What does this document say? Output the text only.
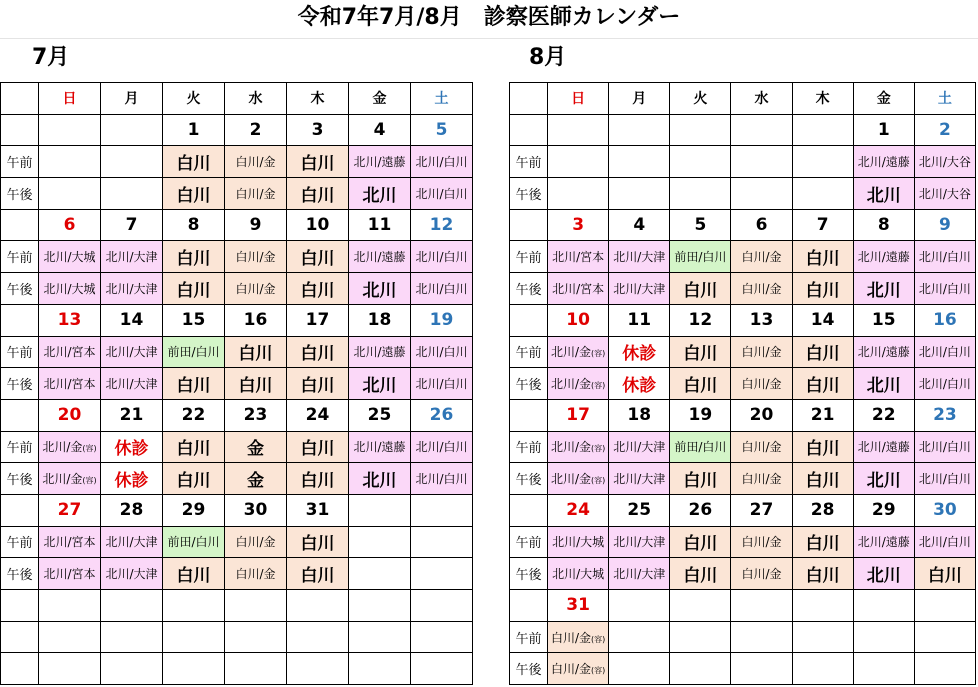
令和7年7月/8月　診察医師カレンダー
7月	8月
	日	月	火	水	木	金	土
			1	2	3	4	5
午前			白川	白川/金	白川	北川/遠藤	北川/白川
午後			白川	白川/金	白川	北川	北川/白川
	6	7	8	9	10	11	12
午前	北川/大城	北川/大津	白川	白川/金	白川	北川/遠藤	北川/白川
午後	北川/大城	北川/大津	白川	白川/金	白川	北川	北川/白川
	13	14	15	16	17	18	19
午前	北川/宮本	北川/大津	前田/白川	白川	白川	北川/遠藤	北川/白川
午後	北川/宮本	北川/大津	白川	白川	白川	北川	北川/白川
	20	21	22	23	24	25	26
午前	北川/金(容)	休診	白川	金	白川	北川/遠藤	北川/白川
午後	北川/金(容)	休診	白川	金	白川	北川	北川/白川
	27	28	29	30	31		
午前	北川/宮本	北川/大津	前田/白川	白川/金	白川		
午後	北川/宮本	北川/大津	白川	白川/金	白川		

	日	月	火	水	木	金	土
						1	2
午前						北川/遠藤	北川/大谷
午後						北川	北川/大谷
	3	4	5	6	7	8	9
午前	北川/宮本	北川/大津	前田/白川	白川/金	白川	北川/遠藤	北川/白川
午後	北川/宮本	北川/大津	白川	白川/金	白川	北川	北川/白川
	10	11	12	13	14	15	16
午前	北川/金(容)	休診	白川	白川/金	白川	北川/遠藤	北川/白川
午後	北川/金(容)	休診	白川	白川/金	白川	北川	北川/白川
	17	18	19	20	21	22	23
午前	北川/金(容)	北川/大津	前田/白川	白川/金	白川	北川/遠藤	北川/白川
午後	北川/金(容)	北川/大津	白川	白川/金	白川	北川	北川/白川
	24	25	26	27	28	29	30
午前	北川/大城	北川/大津	白川	白川/金	白川	北川/遠藤	北川/白川
午後	北川/大城	北川/大津	白川	白川/金	白川	北川	白川
	31						
午前	白川/金(容)						
午後	白川/金(容)						
